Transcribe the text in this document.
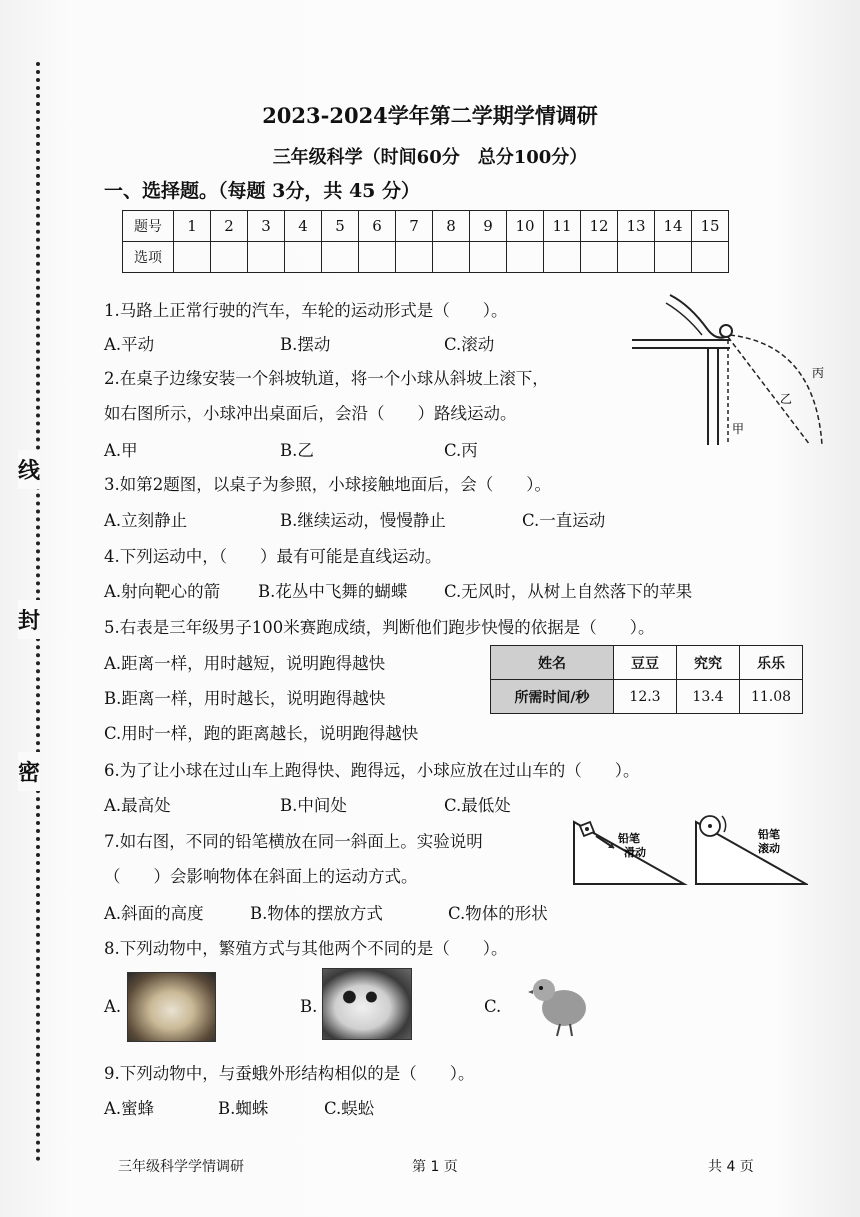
线
封
密
2023-2024学年第二学期学情调研
三年级科学（时间60分　总分100分）
一、选择题。（每题 3分，共 45 分）
题号	1	2	3	4	5	6	7	8	9	10	11	12	13	14	15
选项															
1.马路上正常行驶的汽车，车轮的运动形式是（　　）。
A.平动	B.摆动	C.滚动
2.在桌子边缘安装一个斜坡轨道，将一个小球从斜坡上滚下，
如右图所示，小球冲出桌面后，会沿（　　）路线运动。
A.甲	B.乙	C.丙
甲
乙
丙
3.如第2题图，以桌子为参照，小球接触地面后，会（　　）。
A.立刻静止	B.继续运动，慢慢静止	C.一直运动
4.下列运动中，（　　）最有可能是直线运动。
A.射向靶心的箭 B.花丛中飞舞的蝴蝶 C.无风时，从树上自然落下的苹果
5.右表是三年级男子100米赛跑成绩，判断他们跑步快慢的依据是（　　）。
A.距离一样，用时越短，说明跑得越快
B.距离一样，用时越长，说明跑得越快
C.用时一样，跑的距离越长，说明跑得越快
姓名	豆豆	究究	乐乐
所需时间/秒	12.3	13.4	11.08
6.为了让小球在过山车上跑得快、跑得远，小球应放在过山车的（　　）。
A.最高处	B.中间处	C.最低处
7.如右图，不同的铅笔横放在同一斜面上。实验说明
（　　）会影响物体在斜面上的运动方式。
A.斜面的高度	B.物体的摆放方式	C.物体的形状
铅笔滑动
铅笔滚动
8.下列动物中，繁殖方式与其他两个不同的是（　　）。
A.	B.	C.
9.下列动物中，与蚕蛾外形结构相似的是（　　）。
A.蜜蜂	B.蜘蛛	C.蜈蚣
三年级科学学情调研	第 1 页	共 4 页
